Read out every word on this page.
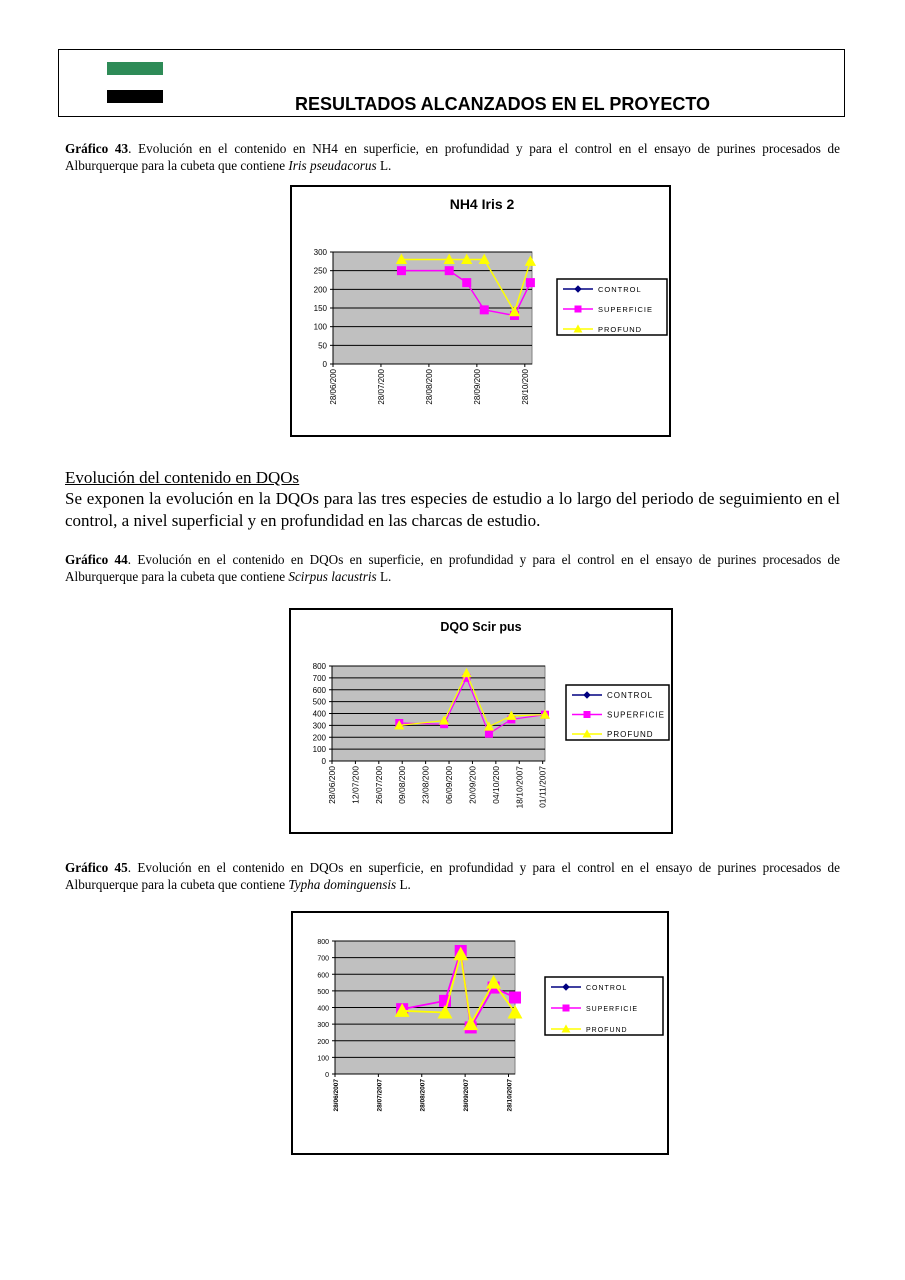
RESULTADOS ALCANZADOS EN EL PROYECTO
Gráfico 43. Evolución en el contenido en NH4 en superficie, en profundidad y para el control en el ensayo de purines procesados de Alburquerque para la cubeta que contiene Iris pseudacorus L.
NH4 Iris 2
0
50
100
150
200
250
300
28/06/200	28/07/200	28/08/200	28/09/200	28/10/200
CONTROL
SUPERFICIE
PROFUND
Evolución del contenido en DQOs
Se exponen la evolución en la DQOs para las tres especies de estudio a lo largo del periodo de seguimiento en el control, a nivel superficial y en profundidad en las charcas de estudio.
Gráfico 44. Evolución en el contenido en DQOs en superficie, en profundidad y para el control en el ensayo de purines procesados de Alburquerque para la cubeta que contiene Scirpus lacustris L.
DQO Scir pus
0
100
200
300
400
500
600
700
800
28/06/200 12/07/200 26/07/200 09/08/200 23/08/200 06/09/200 20/09/200 04/10/200 18/10/2007 01/11/2007
CONTROL
SUPERFICIE
PROFUND
Gráfico 45. Evolución en el contenido en DQOs en superficie, en profundidad y para el control en el ensayo de purines procesados de Alburquerque para la cubeta que contiene Typha dominguensis L.
0
100
200
300
400
500
600
700
800
28/06/2007	28/07/2007	28/08/2007	28/09/2007	28/10/2007
CONTROL
SUPERFICIE
PROFUND
